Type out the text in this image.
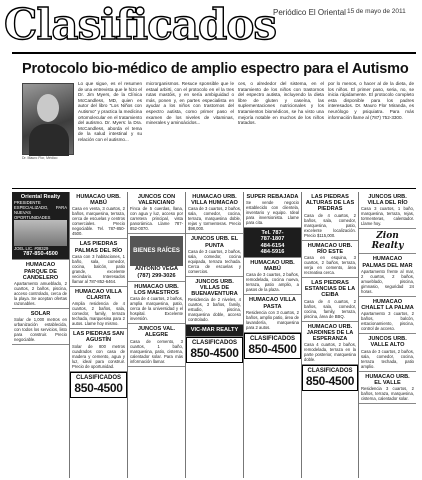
Clasificados
Periódico El Oriental 15 de mayo de 2011
Protocolo bio-médico de amplio espectro para el Autismo
Dr. Mauro Flor, Médico
Lo que sigue, es el resumen de una entrevista que le hizo el Dr. Jim Myers, de la Clínica McCandless, MD, quien es autor del libro "Los Niños con Autismo" y practica la medicina ortomolecular en el tratamiento del autismo. Dr. Myers: la Dra. McCandless, aborda el tema de la salud intestinal y su relación con el autismo...
microrganismos. Resuce sponsible que le estaal arbirti, con el protocolo en el la tres rutas mastóis, y en sería ambiguidad o más, ponen y, en partes especialista en ayudar a los niños con trastornos del espectro autista, como primer paso el examen de los niveles de vitaminas, minerales y aminoácidos...
ces, o alrededor del sistema, en el tratamiento de los niños con trastornos del espectro autista, incluyendo la dieta libre de gluten y caseína, las suplementaciones nutricionales y los tratamientos biomédicos, se ha visto una mejoría notable en muchos de los niños tratados.
por lo menos, o hacer al de la dieta, de los niños. El primer paso, seria, no, se inicia rápidamente. El protocolo completo esta disponible para los padres interesados. Dr. Mauro Flor Miranda, es neurólogo y psiquiatra. Para más información llame al (787) 752-3300.
Oriental Realty
PRESIDENTE ESPECIALIZADO, PARA NUEVAS OPORTUNIDADES
JOEL LIC. #08329
787-850-4500
HUMACAO PARQUE DE CANDELERO
Apartamento amueblado, 2 cuartos, 2 baños, piscina, acceso controlado, cerca de la playa. Se aceptan ofertas razonables.
SOLAR
Solar de 1,000 metros en urbanización establecida, con todos los servicios, listo para construir. Precio negociable.
HUMACAO URB. MABÚ
Casa en venta, 3 cuartos, 2 baños, marquesina, terraza, cerca de escuelas y centros comerciales. Precio negociable. Tel. 787-850-4500.
LAS PIEDRAS PALMAS DEL RÍO
Casa con 3 habitaciones, 1 baño, sala, comedor, cocina, balcón, patio grande, excelente vecindario. Interesados llamar al 787-852-6464.
HUMACAO VILLA CLARITA
Amplia residencia de 4 cuartos, 2 baños, sala, comedor, family, terraza techada, marquesina para 2 autos. Llame hoy mismo.
LAS PIEDRAS SAN AGUSTÍN
Solar de 800 metros cuadrados con casa de madera y cemento, agua y luz, ideal para construir. Precio de oportunidad.
CLASIFICADOS
850-4500
JUNCOS CON VALENCIANO
Finca de 5 cuerdas, llana, con agua y luz, acceso por carretera principal, vista panorámica. Llame 787-852-0070.
BIENES RAÍCES
ANTONIO VEGA
(787) 299-3026
HUMACAO URB. LOS MAESTROS
Casa de 4 cuartos, 2 baños, amplia marquesina, patio, cerca de la universidad y el hospital. Excelente inversión.
JUNCOS VAL. ALEGRE
Casa de cemento, 3 cuartos, 1 baño, marquesina, patio, cisterna, calentador solar. Para más información llamar.
HUMACAO URB. VILLA HUMACAO
Casa de 3 cuartos, 2 baños, sala, comedor, cocina, terraza, marquesina doble, rejas y tormenteras. Precio $98,000.
JUNCOS URB. EL PUNTA
Casa de 3 cuartos, 2 baños, sala, comedor, cocina equipada, terraza techada. Cerca de escuelas y comercios.
JUNCOS URB. VILLAS DE BUENAVENTURA
Residencia de 2 niveles, 4 cuartos, 3 baños, family, estudio, piscina, marquesina doble, acceso controlado.
VIC-MAR REALTY
CLASIFICADOS
850-4500
SUPER REBAJADA
Se vende negocio establecido con clientela, inventario y equipo. Ideal para inversionista. Llame para cita.
Tel. 787-
787-1807
484-6154
484-5916
HUMACAO URB. MABÚ
Casa de 3 cuartos, 2 baños, remodelada, cocina nueva, terraza, patio amplio, a pasos de la plaza.
HUMACAO VILLA PASTA
Residencia con 3 cuartos, 2 baños, amplio patio, área de lavandería, marquesina para 2 autos.
CLASIFICADOS
850-4500
LAS PIEDRAS ALTURAS DE LAS PIEDRAS
Casa de 4 cuartos, 2 baños, sala, comedor, marquesina, patio, excelente localización. Precio $115,000.
HUMACAO URB. RÍO ESTE
Casa en esquina, 3 cuartos, 2 baños, terraza, verja en cemento, área recreativa cerca.
LAS PIEDRAS ESTANCIAS DE LA CEIBA
Casa de 4 cuartos, 2 baños, sala, comedor, cocina, family, terraza, piscina, área de BBQ.
HUMACAO URB. JARDINES DE LA ESPERANZA
Casa 4 cuartos, 2 baños, remodelada, terraza en la parte posterior, marquesina doble.
CLASIFICADOS
850-4500
JUNCOS URB. VILLA DEL RÍO
Casa 3 cuartos, 1 baño, marquesina, terraza, rejas, tormenteras, calentador. Llame hoy.
Zion Realty
HUMACAO PALMAS DEL MAR
Apartamento frente al mar, 2 cuartos, 2 baños, amueblado, piscina, gimnasio, seguridad 24 horas.
HUMACAO CHALET LA PALMA
Apartamento 3 cuartos, 2 baños, balcón, estacionamiento, piscina, control de acceso.
JUNCOS URB. VALLE ALTO
Casa de 3 cuartos, 2 baños, sala, comedor, cocina, terraza techada, patio amplio.
HUMACAO URB. EL VALLE
Residencia 3 cuartos, 2 baños, terraza, marquesina, cisterna, calentador solar.
